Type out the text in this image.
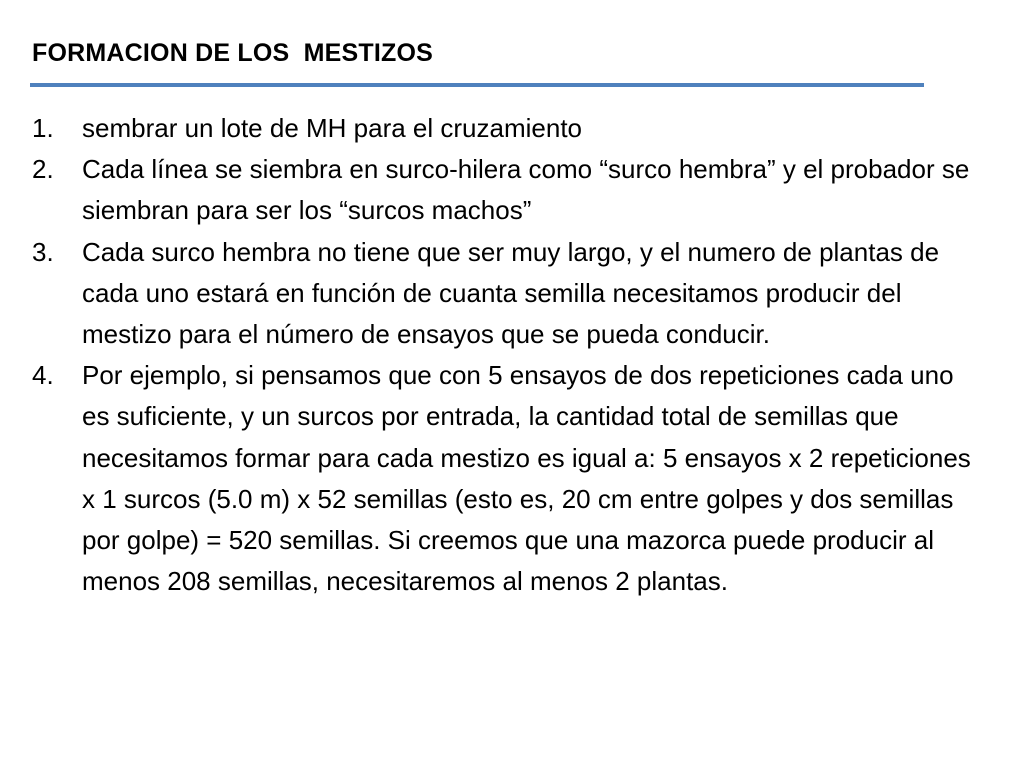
FORMACION DE LOS  MESTIZOS
1. sembrar un lote de MH para el cruzamiento
2. Cada línea se siembra en surco-hilera como “surco hembra” y el probador se siembran para ser los “surcos machos”
3. Cada surco hembra no tiene que ser muy largo, y el numero de plantas de cada uno estará en función de cuanta semilla necesitamos producir del mestizo para el número de ensayos que se pueda conducir.
4. Por ejemplo, si pensamos que con 5 ensayos de dos repeticiones cada uno es suficiente, y un surcos por entrada, la cantidad total de semillas que necesitamos formar para cada mestizo es igual a: 5 ensayos x 2 repeticiones x 1 surcos (5.0 m) x 52 semillas (esto es, 20 cm entre golpes y dos semillas por golpe) = 520 semillas. Si creemos que una mazorca puede producir al menos 208 semillas, necesitaremos al menos 2 plantas.
